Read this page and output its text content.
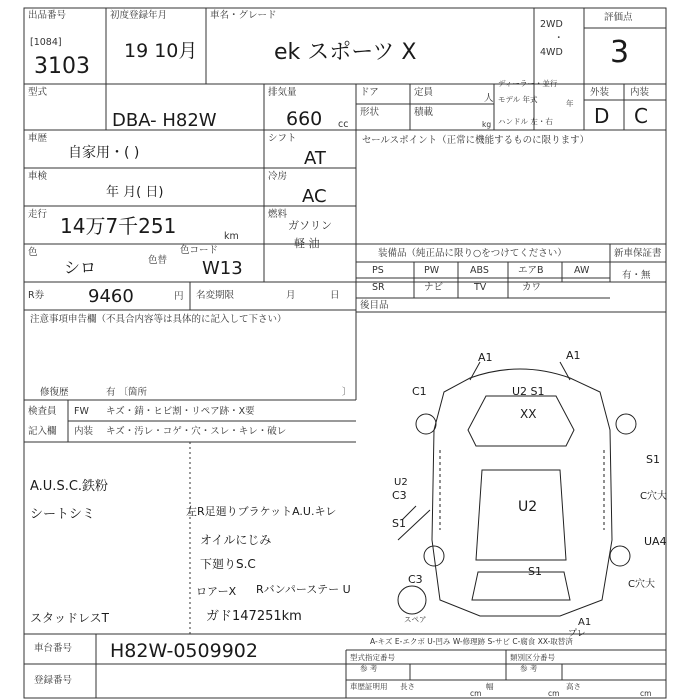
出品番号
[1084]
3103
初度登録年月
19 10月
車名・グレード
ek スポーツ X
2WD
・
4WD
評価点
3
型式
DBA- H82W
排気量
660 cc
ドア	定員
人
形状	積載
kg
ディーラー・並行
モデル 年式	年
ハンドル 左・右
外装 内装
D C
車歴
自家用・( )
シフト
AT
セールスポイント（正常に機能するものに限ります）
車検
年 月( 日)
冷房
AC
走行 14万7千251	km
燃料
ガソリン
軽 油
色
シロ	色替
色コード
W13
装備品（純正品に限り○をつけてください）
PS	PW	ABS	エアB	AW
SR	ナビ	TV	カワ
新車保証書
有・無
後目品
R券 9460	円 名変期限	月	日
注意事項申告欄（不具合内容等は具体的に記入して下さい）
修復歴	有 〔箇所	〕
検査員
記入欄
FW キズ・錆・ヒビ割・リペア跡・X要
内装 キズ・汚レ・コゲ・穴・スレ・キレ・破レ
A.U.S.C.鉄粉
シートシミ	左R足廻りブラケットA.U.キレ
オイルにじみ
下廻りS.C
ロアーX Rバンパーステー U
スタッドレスT	ガド147251km
A1	A1
C1	U2 S1
XX
S1
U2
C3
S1
U2
C穴大
UA4
S1
C3	C穴大
スペア	A1
プレ
A-キズ E-エクボ U-凹み W-修理跡 S-サビ C-腐食 XX-取替済
車台番号 H82W-0509902
登録番号
型式指定番号
参 考
類別区分番号
参 考
車歴証明用 長さ
cm
幅
cm
高さ
cm
